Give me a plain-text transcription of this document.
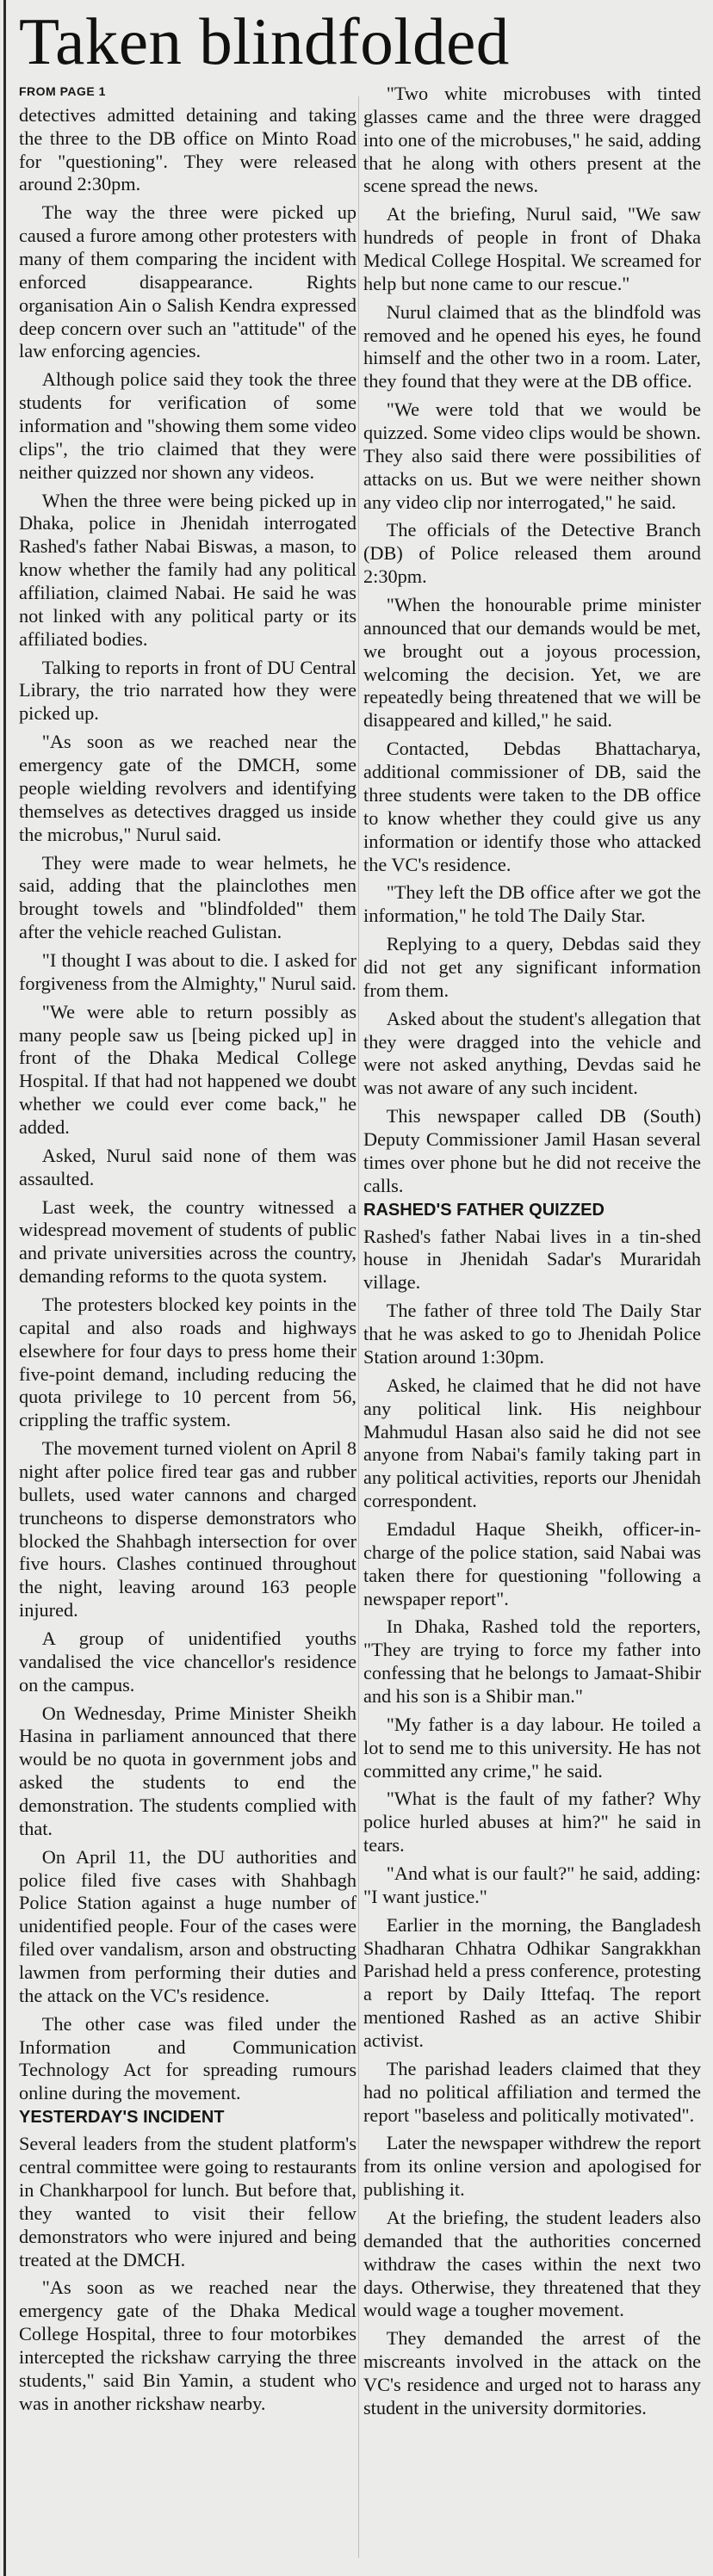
Taken blindfolded

FROM PAGE 1

detectives admitted detaining and taking the three to the DB office on Minto Road for "questioning". They were released around 2:30pm.

The way the three were picked up caused a furore among other protesters with many of them comparing the incident with enforced disappearance. Rights organisation Ain o Salish Kendra expressed deep concern over such an "attitude" of the law enforcing agencies.

Although police said they took the three students for verification of some information and "showing them some video clips", the trio claimed that they were neither quizzed nor shown any videos.

When the three were being picked up in Dhaka, police in Jhenidah interrogated Rashed's father Nabai Biswas, a mason, to know whether the family had any political affiliation, claimed Nabai. He said he was not linked with any political party or its affiliated bodies.

Talking to reports in front of DU Central Library, the trio narrated how they were picked up.

"As soon as we reached near the emergency gate of the DMCH, some people wielding revolvers and identifying themselves as detectives dragged us inside the microbus," Nurul said.

They were made to wear helmets, he said, adding that the plainclothes men brought towels and "blindfolded" them after the vehicle reached Gulistan.

"I thought I was about to die. I asked for forgiveness from the Almighty," Nurul said.

"We were able to return possibly as many people saw us [being picked up] in front of the Dhaka Medical College Hospital. If that had not happened we doubt whether we could ever come back," he added.

Asked, Nurul said none of them was assaulted.

Last week, the country witnessed a widespread movement of students of public and private universities across the country, demanding reforms to the quota system.

The protesters blocked key points in the capital and also roads and highways elsewhere for four days to press home their five-point demand, including reducing the quota privilege to 10 percent from 56, crippling the traffic system.

The movement turned violent on April 8 night after police fired tear gas and rubber bullets, used water cannons and charged truncheons to disperse demonstrators who blocked the Shahbagh intersection for over five hours. Clashes continued throughout the night, leaving around 163 people injured.

A group of unidentified youths vandalised the vice chancellor's residence on the campus.

On Wednesday, Prime Minister Sheikh Hasina in parliament announced that there would be no quota in government jobs and asked the students to end the demonstration. The students complied with that.

On April 11, the DU authorities and police filed five cases with Shahbagh Police Station against a huge number of unidentified people. Four of the cases were filed over vandalism, arson and obstructing lawmen from performing their duties and the attack on the VC's residence.

The other case was filed under the Information and Communication Technology Act for spreading rumours online during the movement.

YESTERDAY'S INCIDENT

Several leaders from the student platform's central committee were going to restaurants in Chankharpool for lunch. But before that, they wanted to visit their fellow demonstrators who were injured and being treated at the DMCH.

"As soon as we reached near the emergency gate of the Dhaka Medical College Hospital, three to four motorbikes intercepted the rickshaw carrying the three students," said Bin Yamin, a student who was in another rickshaw nearby.

"Two white microbuses with tinted glasses came and the three were dragged into one of the microbuses," he said, adding that he along with others present at the scene spread the news.

At the briefing, Nurul said, "We saw hundreds of people in front of Dhaka Medical College Hospital. We screamed for help but none came to our rescue."

Nurul claimed that as the blindfold was removed and he opened his eyes, he found himself and the other two in a room. Later, they found that they were at the DB office.

"We were told that we would be quizzed. Some video clips would be shown. They also said there were possibilities of attacks on us. But we were neither shown any video clip nor interrogated," he said.

The officials of the Detective Branch (DB) of Police released them around 2:30pm.

"When the honourable prime minister announced that our demands would be met, we brought out a joyous procession, welcoming the decision. Yet, we are repeatedly being threatened that we will be disappeared and killed," he said.

Contacted, Debdas Bhattacharya, additional commissioner of DB, said the three students were taken to the DB office to know whether they could give us any information or identify those who attacked the VC's residence.

"They left the DB office after we got the information," he told The Daily Star.

Replying to a query, Debdas said they did not get any significant information from them.

Asked about the student's allegation that they were dragged into the vehicle and were not asked anything, Devdas said he was not aware of any such incident.

This newspaper called DB (South) Deputy Commissioner Jamil Hasan several times over phone but he did not receive the calls.

RASHED'S FATHER QUIZZED

Rashed's father Nabai lives in a tin-shed house in Jhenidah Sadar's Muraridah village.

The father of three told The Daily Star that he was asked to go to Jhenidah Police Station around 1:30pm.

Asked, he claimed that he did not have any political link. His neighbour Mahmudul Hasan also said he did not see anyone from Nabai's family taking part in any political activities, reports our Jhenidah correspondent.

Emdadul Haque Sheikh, officer-in-charge of the police station, said Nabai was taken there for questioning "following a newspaper report".

In Dhaka, Rashed told the reporters, "They are trying to force my father into confessing that he belongs to Jamaat-Shibir and his son is a Shibir man."

"My father is a day labour. He toiled a lot to send me to this university. He has not committed any crime," he said.

"What is the fault of my father? Why police hurled abuses at him?" he said in tears.

"And what is our fault?" he said, adding: "I want justice."

Earlier in the morning, the Bangladesh Shadharan Chhatra Odhikar Sangrakkhan Parishad held a press conference, protesting a report by Daily Ittefaq. The report mentioned Rashed as an active Shibir activist.

The parishad leaders claimed that they had no political affiliation and termed the report "baseless and politically motivated".

Later the newspaper withdrew the report from its online version and apologised for publishing it.

At the briefing, the student leaders also demanded that the authorities concerned withdraw the cases within the next two days. Otherwise, they threatened that they would wage a tougher movement.

They demanded the arrest of the miscreants involved in the attack on the VC's residence and urged not to harass any student in the university dormitories.
